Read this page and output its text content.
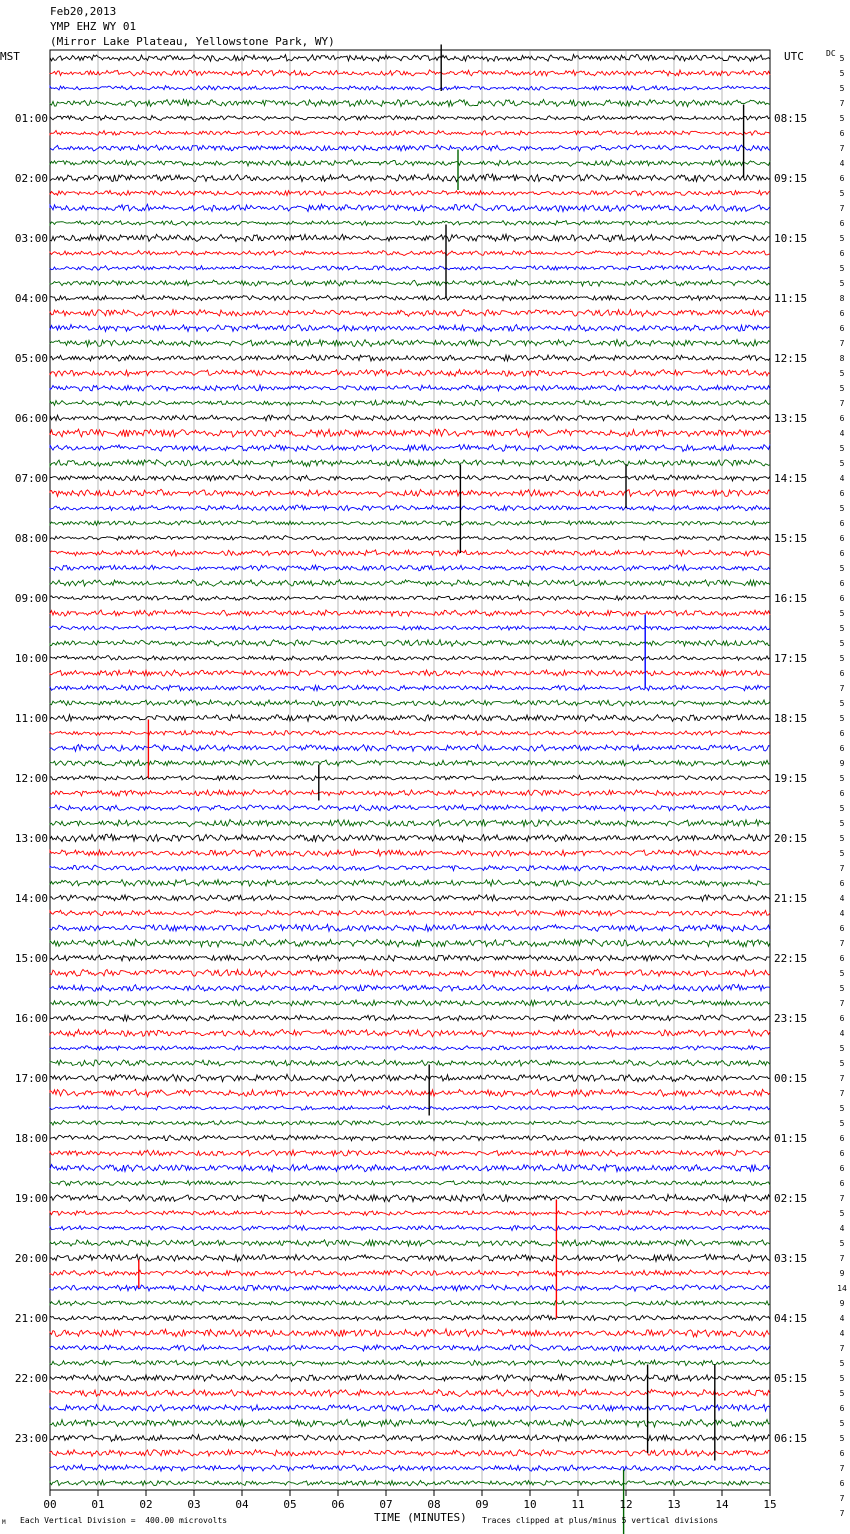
Feb20,2013
YMP EHZ WY 01
(Mirror Lake Plateau, Yellowstone Park, WY)
MST	UTC	DC
01:00
02:00
03:00
04:00
05:00
06:00
07:00
08:00
09:00
10:00
11:00
12:00
13:00
14:00
15:00
16:00
17:00
18:00
19:00
20:00
21:00
22:00
23:00
08:15
09:15
10:15
11:15
12:15
13:15
14:15
15:15
16:15
17:15
18:15
19:15
20:15
21:15
22:15
23:15
00:15
01:15
02:15
03:15
04:15
05:15
06:15
5
5
5
7
5
6
7
4
6
5
7
6
5
6
5
5
8
6
6
7
8
5
5
7
6
4
5
5
4
6
5
6
6
6
5
6
6
5
5
5
5
6
7
5
5
6
6
9
5
6
5
5
5
5
7
6
4
4
6
7
6
5
5
7
6
4
5
5
7
7
5
5
6
6
6
6
7
5
4
5
7
9
14
9
4
4
7
5
5
5
6
5
5
6
7
6
7
7
00	01	02	03	04	05	06	07	08	09	10	11	12	13	14	15
M Each Vertical Division =  400.00 microvolts	TIME (MINUTES) Traces clipped at plus/minus 5 vertical divisions
